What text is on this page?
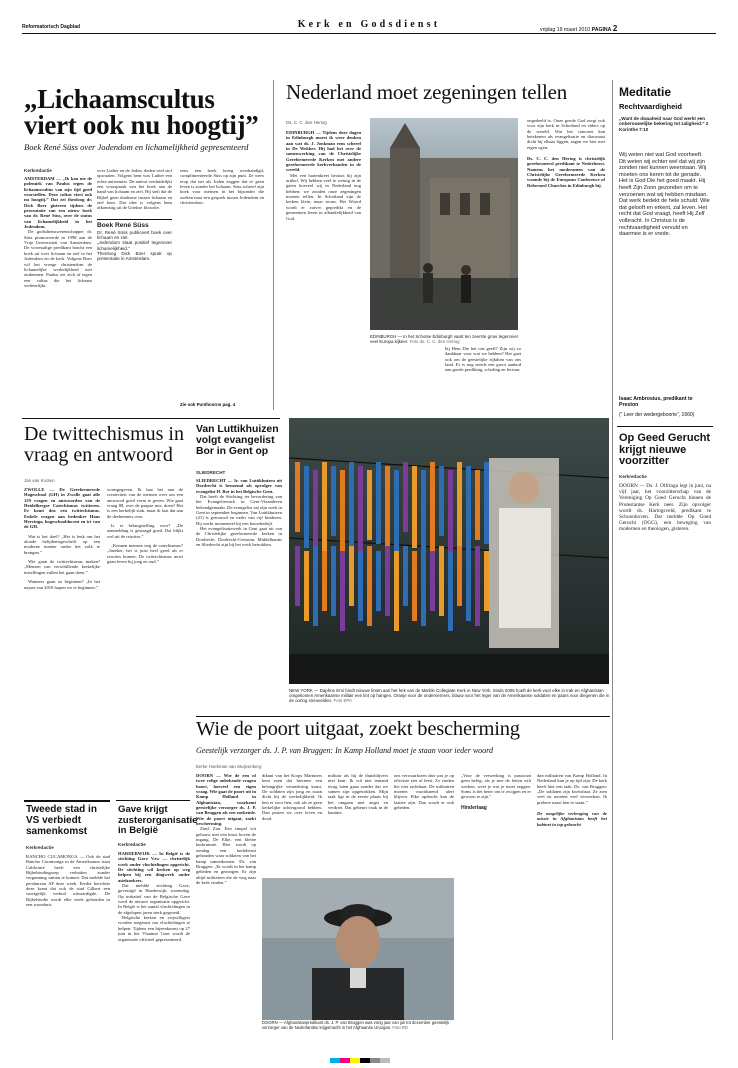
Reformatorisch Dagblad	Kerk en Godsdienst	vrijdag 19 maart 2010 PAGINA 2
„Lichaamscultus
viert ook nu hoogtij”
Boek René Süss over Jodendom en lichamelijkheid gepresenteerd
Kerkredactie

AMSTERDAM — „Ik kan me de polemiek van Paulus tegen de lichaamscultus van zijn tijd goed voorstellen. Deze cultus viert ook nu hoogtij.” Dat zei theoloog dr. Dick Boer gisteren tijdens de presentatie van een nieuw boek van dr. René Süss, over de status van lichamelijkheid in het Jodendom.

De godsdienstwetenschapper dr. Süss promoveerde in 1998 aan de Vrije Universiteit van Amsterdam. De voormalige predikant bracht een boek uit over lichaam en ziel in het Jodendom en de kerk. Volgens Boer wil het vroege christendom de lichamelijke werkelijkheid niet ontkennen. Paulus zet zich af tegen een cultus die het lichaam verheerlijkt.

over Luther en de Joden, deden veel stof opwaaien. Volgens hem was Luther een echte antisemiet. De auteur verduidelijkt een voorspraak van het boek aan de hand van lichaam en ziel. Hij stelt dat de Bijbel geen dualisme tussen lichaam en ziel kent. Dat idee is volgens hem afkomstig uit de Griekse filosofie.

Boek René Süss
Dr. René Süss publiceert boek over lichaam en ziel.
„Jodendom staat positief tegenover lichamelijkheid.”
Theoloog Dick Boer sprak op presentatie in Amsterdam.

eens een boek kreeg overhandigd, complimenteerde Süss op zijn punt. Ze wees erop dat net als Joden zeggen dat er geen leven is zonder het lichaam. Süss schreef zijn boek voor mensen in het bijzonder die zoeken naar een gesprek tussen Jodendom en christendom.

Zie ook Punthoorns pag. 4
Nederland moet zegeningen tellen
Ds. C. C. den Hertog

EDINBURGH — Tijdens deze dagen in Edinburgh moest ik weer denken aan wat ds. J. Jonkman eens schreef in De Wekker. Hij had het over de samenwerking van de Christelijke Gereformeerde Kerken met andere gereformeerde kerkverbanden in de wereld.

Met een hartenkreet besloot hij zijn artikel. Wij hebben veel te weinig in de gaten hoeveel wij in Nederland nog hebben: we zouden onze zegeningen moeten tellen. In Schotland zijn de kerken klein, maar trouw. Het Woord wordt er zuiver gepredikt en de gemeenten leven in afhankelijkheid van God.

EDINBURGH — In het Schotse Edinburgh vaart ten zeerste groei tegenover veel Europa kijkeer. Foto ds. C. C. den Hertog

bij Hem Die het ons geeft? Zijn wij zo dankbaar voor wat we hebben? Het gaat ook om de geestelijke rijkdom van ons land. Er is nog steeds een groot aanbod aan goede prediking, scholing en lectuur.

ongedeeld is. Onze goede God zorgt ook voor zijn kerk in Schotland en elders op de wereld. Wat het concreet kan betekenen als evangelisatie en diaconaat dicht bij elkaar liggen, zagen we hier met eigen ogen.

Ds. C. C. den Hertog is christelijk gereformeerd predikant te Nederhorst. Namens het moderamen van de Christelijke Gereformeerde Kerken woonde hij de European Conference of Reformed Churches in Edinburgh bij.

Meditatie
Rechtvaardigheid
„Want de dwaaheid naar God werkt een onberouwelijke bekering tot zaligheid.” 2 Korinthe 7:10
Wij weten niet wat God voorheeft. Dit weten wij echter wel dat wij zijn zonden niet kunnen weerstaan. Wij moeten ons keren tot de genade. Het is God Die het goed maakt. Hij heeft Zijn Zoon gezonden om te verzoenen wat wij hebben misdaan. Dat werk bedekt de hele schuld. Wie dat gelooft en erkent, zal leven. Het recht dat God vraagt, heeft Hij Zelf volbracht. In Christus is de rechtvaardigheid vervuld en daarmee is er vrede.
Isaac Ambrosius, predikant te Preston
(“ Leer der wedergeboorte”, 1660)
Op Geed Gerucht krijgt nieuwe voorzitter
Kerkredactie
DOORN — Ds. J. Olfringa legt in juni, na vijf jaar, het voorzitterschap van de Vereniging Op Goed Gerucht binnen de Protestantse Kerk neer. Zijn opvolger wordt ds. Hartogsveld, predikant te Schoonhoven. Dat meldde Op Goed Gerucht (OGG), een beweging van modernen en theologen, gisteren.
De twittechismus in
vraag en antwoord
Jan van Kooten

ZWOLLE — De Gereformeerde Hogeschool (GH) in Zwolle gaat alle 129 vragen en antwoorden van de Heidelbergse Catechismus twitteren. Er komt dus een twittechismus. Enkele vragen aan bedenker Hans Hervinga, hogeschooldocent en ict van de GH.

Wat is het doel? „Het is leuk om het aloude belijdenisgeschrift op een moderne manier onder het volk te brengen.”

Wie gaan de twittechismus maken? „Mensen van verschillende kerkelijke instellingen zullen het gaan doen.”

Wanneer gaan ze beginnen? „In het najaar van 2010 hopen we te beginnen.”

vormgegeven. Ik laat het aan de creativiteit van de mensen over om een antwoord goed vorm te geven. Wie gaat vraag 88, over de paapse mis, doen? Het is een kerkelijk stuk, maar ik laat dat aan de deelnemers over.

Is er belangstelling voor? „De aanmelding is gestaagd goed. Dat blijkt wel uit de reacties.”

„Kennen mensen nog de catechismus? „Jazeker, het is juist heel goed als er reacties komen. De twittechismus moet gaan leven bij jong en oud.”

Van Luttikhuizen volgt evangelist Bor in Gent op
SLIEDRECHT

SLIEDRECHT — Ir. van Luttikhuizen uit Dordrecht is benoemd als opvolger van evangelist H. Bor in het Belgische Gent.

Dat heeft de Stichting ter bevordering van het Evangeliewerk in Gent-Vlaanderen bekendgemaakt. De evangelist zal zijn werk in Gent in september beginnen. Van Luttikhuizen (41) is getrouwd en vader van vijf kinderen. Hij werkt momenteel bij een bouwbedrijf.

Het evangelisatiewerk in Gent gaat uit van de Christelijke gereformeerde kerken in Dordrecht. Dordrecht-Centrum, Middelharnis en Sliedrecht zijn bij het werk betrokken.

NEW YORK — Daphne Erni bindt nieuwe linten aan het hek van de Marble Collegiate Kerk in New York. Sinds 2006 hoeft de kerk voor elke in Irak en Afghanistan omgekomen Amerikaanse militair een lint op hangen. Oranje voor de ondernemers, blauw voor het leger van de Amerikaanse soldaten en paars voor diegenen die in de oorlog sneuvelden. Foto EPA
Wie de poort uitgaat, zoekt bescherming
Geestelijk verzorger ds. J. P. van Bruggen: In Kamp Holland moet je staan voor ieder woord
Eerke Hoekman van Stuijvenberg

DOORN — Wie de een of twee velige onbekende vragen hoort, hoeveel een eigen vraag. Wie gaat de poort uit in Kamp Holland in Afghanistan, voorkomt geestelijke verzorger ds. J. P. van Bruggen als een zoekende. Wie de poort uitgaat, zoekt bescherming.

Zind. Zou. Een simpel wit gebouw met een kruis boven de ingang. De Elke, een kleine kerkruimte. Hier wordt op zondag een kerkdienst gehouden waar soldaten van het kamp samenkomen. Ds. van Bruggen: „Er wordt in het kamp gebeden en gezongen. Er zijn altijd militairen die de weg naar de kerk vinden.”

dikant van het Korps Mariniers kent men dat hiermee een belangrijke verandering komt. De soldaten zijn jong en staan dicht bij de werkelijkheid. Ik ben er voor hen, ook als ze geen kerkelijke achtergrond hebben. Dan praten we over leven en dood.

militair als hij de thuisblijvers niet kent. Ik wil niet iemand terug laten gaan zonder dat we samen zijn opgetrokken. Mijn taak ligt in de eerste plaats bij het omgaan met angst en verdriet. Dat gebeurt vaak in de kantine.

ons verwaarlozen dan wat je op televisie ziet of leest. Ze vinden het niet zichtbaar. De militairen moeten voortdurend alert blijven. Elke opdracht kan de laatste zijn. Dan wordt er ook gebeden.

„Voor de verwerking is pastoraat geen beleg; als je met de feiten wilt werken, weet je wat je moet zeggen. Soms is het beter om te zwijgen en er gewoon te zijn.”

Hinderlaag

dan militairen van Kamp Holland. In Nederland kun je op tijd zijn. De kerk heeft hier een taak. Ds. van Bruggen: „De soldaten zijn kwetsbaar. Ze zien veel en moeten veel verwerken. Ik probeer naast hen te staan.”

De mogelijke verlenging van de missie in Afghanistan heeft het kabinet in top gebracht
DOORN — Afghanistanpredikant ds. J. P. van Bruggen was vorig jaar van juli tot december geestelijk verzorger van de Nederlandse krijgsmacht in het Afghaanse Uruzgan. Foto RD
Tweede stad in VS verbiedt samenkomst
Kerkredactie
RANCHO CUCAMONGA — Ook de stad Rancho Cucamonga in de Amerikaanse staat Californië heeft een christelijke Bijbelstudiegroep verboden zonder vergunning samen te komen. Dat meldde het persbureau AP deze week. Eerder berichtte deze krant dat ook de stad Gilbert een soortgelijk verbod uitvaardigde. De Bijbelstudie wordt elke week gehouden in een woonhuis.
Gave krijgt zusterorganisatie in België
Kerkredactie

HARDERWIJK — In België is de stichting Gave Vzw — christelijk werk onder vluchtelingen opgericht. De stichting wil kerken op weg helpen bij een dingwerk onder asielzoekers.

Dat meldde stichting Gave, gevestigd in Harderwijk, woensdag. Op initiatief van de Belgische Gave werd de nieuwe organisatie opgericht. In België is het aantal vluchtelingen in de afgelopen jaren sterk gegroeid.

Belgische kerken en vrijwilligers worden toegerust om vluchtelingen te helpen. Tijdens een bijeenkomst op 27 juni in het Vlaamse Gent wordt de organisatie officieel gepresenteerd.
